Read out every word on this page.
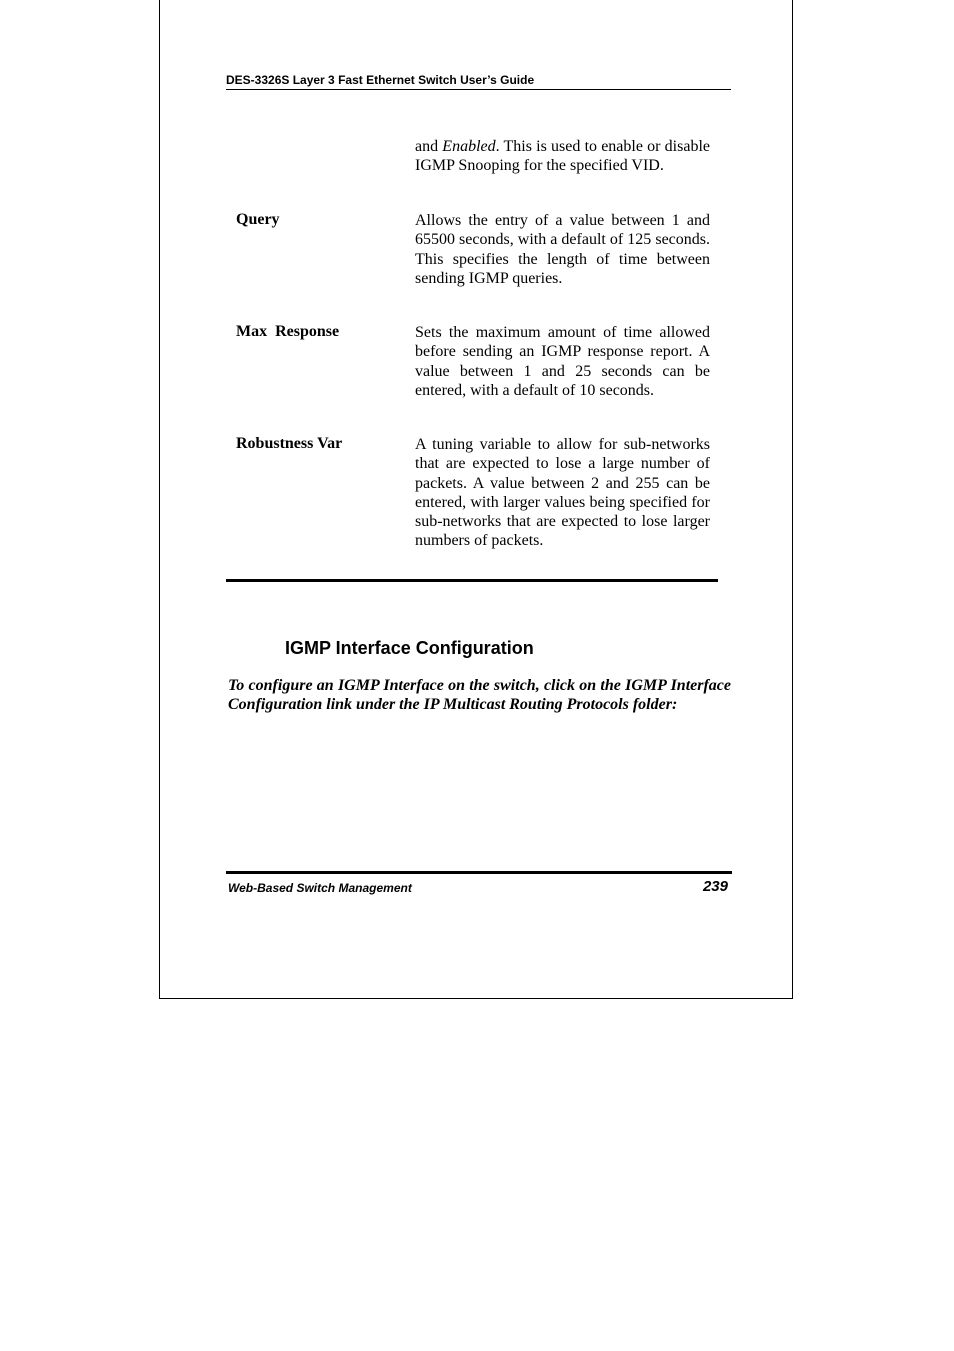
DES-3326S Layer 3 Fast Ethernet Switch User’s Guide

and Enabled. This is used to enable or disable IGMP Snooping for the specified VID.

Query	Allows the entry of a value between 1 and 65500 seconds, with a default of 125 seconds. This specifies the length of time between sending IGMP queries.

Max  Response	Sets the maximum amount of time allowed before sending an IGMP response report. A value between 1 and 25 seconds can be entered, with a default of 10 seconds.

Robustness Var	A tuning variable to allow for sub-networks that are expected to lose a large number of packets. A value between 2 and 255 can be entered, with larger values being specified for sub-networks that are expected to lose larger numbers of packets.

IGMP Interface Configuration

To configure an IGMP Interface on the switch, click on the IGMP Interface Configuration link under the IP Multicast Routing Protocols folder:

Web-Based Switch Management	239
